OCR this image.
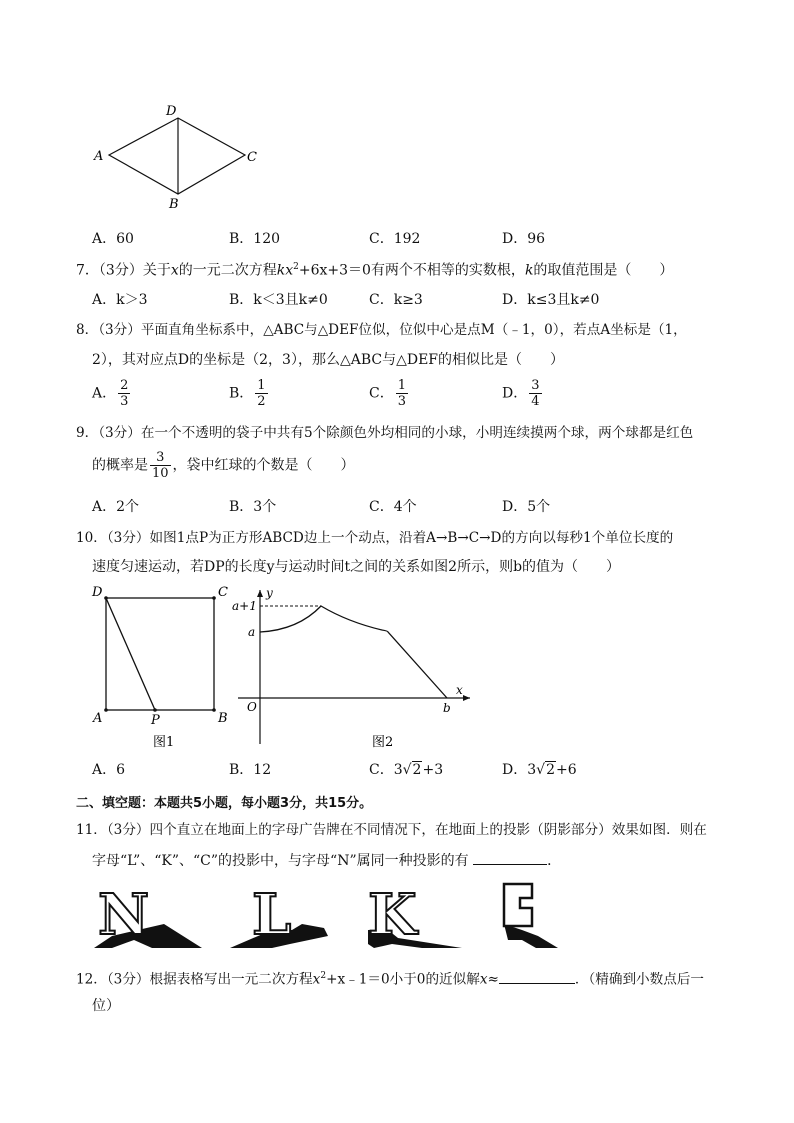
D
A	C
B
A．60	B．120	C．192	D．96
7．（3分）关于x的一元二次方程$kx^2+6x+3=0$有两个不相等的实数根，k的取值范围是（　　）
A．k＞3	B．k＜3且k≠0	C．k≥3	D．k≤3且k≠0
8．（3分）平面直角坐标系中，△ABC与△DEF位似，位似中心是点M（﹣1，0），若点A坐标是（1，
2），其对应点D的坐标是（2，3），那么△ABC与△DEF的相似比是（　　）
A． $\frac{2}{3}$	B． $\frac{1}{2}$	C． $\frac{1}{3}$	D． $\frac{3}{4}$
9．（3分）在一个不透明的袋子中共有5个除颜色外均相同的小球，小明连续摸两个球，两个球都是红色
的概率是 $\frac{3}{10}$ ，袋中红球的个数是（　　）
A．2个	B．3个	C．4个	D．5个
10．（3分）如图1点P为正方形ABCD边上一个动点，沿着A→B→C→D的方向以每秒1个单位长度的
速度匀速运动，若DP的长度y与运动时间t之间的关系如图2所示，则b的值为（　　）
D	C
A	B
P
图1
y
x
O
a+1
a
b
图2
A．6	B．12	C．3√2+3	D．3√2+6
二、填空题：本题共5小题，每小题3分，共15分。
11．（3分）四个直立在地面上的字母广告牌在不同情况下，在地面上的投影（阴影部分）效果如图．则在
字母“L”、“K”、“C”的投影中，与字母“N”属同一种投影的有	．
N L K
C
12．（3分）根据表格写出一元二次方程$x^2+x﹣1=0$小于0的近似解x≈	．（精确到小数点后一
位）
